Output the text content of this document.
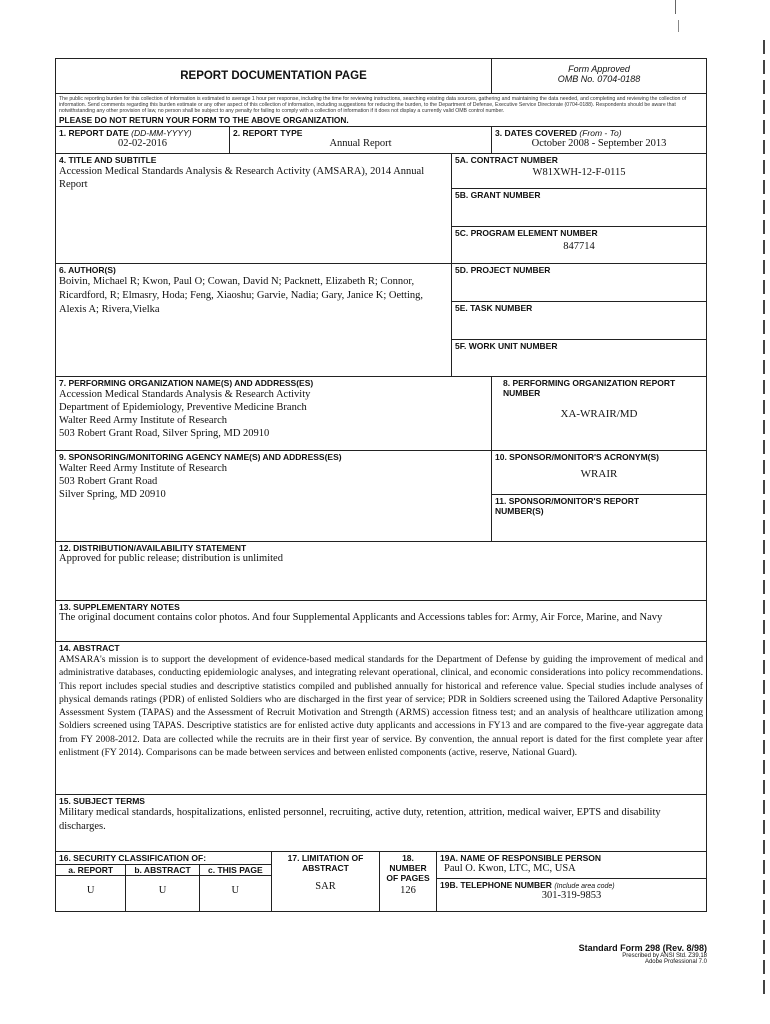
REPORT DOCUMENTATION PAGE
Form Approved
OMB No. 0704-0188
The public reporting burden for this collection of information is estimated to average 1 hour per response, including the time for reviewing instructions, searching existing data sources, gathering and maintaining the data needed, and completing and reviewing the collection of information. Send comments regarding this burden estimate or any other aspect of this collection of information, including suggestions for reducing the burden, to the Department of Defense, Executive Service Directorate (0704-0188). Respondents should be aware that notwithstanding any other provision of law, no person shall be subject to any penalty for failing to comply with a collection of information if it does not display a currently valid OMB control number.
PLEASE DO NOT RETURN YOUR FORM TO THE ABOVE ORGANIZATION.
1. REPORT DATE (DD-MM-YYYY)
02-02-2016
2. REPORT TYPE
Annual Report
3. DATES COVERED (From - To)
October 2008 - September 2013
4. TITLE AND SUBTITLE
Accession Medical Standards Analysis & Research Activity (AMSARA), 2014 Annual Report
5A. CONTRACT NUMBER
W81XWH-12-F-0115
5B. GRANT NUMBER
5C. PROGRAM ELEMENT NUMBER
847714
6. AUTHOR(S)
Boivin, Michael R; Kwon, Paul O; Cowan, David N; Packnett, Elizabeth R; Connor, Ricardford, R; Elmasry, Hoda; Feng, Xiaoshu; Garvie, Nadia; Gary, Janice K; Oetting, Alexis A; Rivera,Vielka
5D. PROJECT NUMBER
5E. TASK NUMBER
5F. WORK UNIT NUMBER
7. PERFORMING ORGANIZATION NAME(S) AND ADDRESS(ES)
Accession Medical Standards Analysis & Research Activity
Department of Epidemiology, Preventive Medicine Branch
Walter Reed Army Institute of Research
503 Robert Grant Road, Silver Spring, MD 20910
8. PERFORMING ORGANIZATION REPORT NUMBER
XA-WRAIR/MD
9. SPONSORING/MONITORING AGENCY NAME(S) AND ADDRESS(ES)
Walter Reed Army Institute of Research
503 Robert Grant Road
Silver Spring, MD 20910
10. SPONSOR/MONITOR'S ACRONYM(S)
WRAIR
11. SPONSOR/MONITOR'S REPORT NUMBER(S)
12. DISTRIBUTION/AVAILABILITY STATEMENT
Approved for public release; distribution is unlimited
13. SUPPLEMENTARY NOTES
The original document contains color photos. And four Supplemental Applicants and Accessions tables for: Army, Air Force, Marine, and Navy
14. ABSTRACT
AMSARA's mission is to support the development of evidence-based medical standards for the Department of Defense by guiding the improvement of medical and administrative databases, conducting epidemiologic analyses, and integrating relevant operational, clinical, and economic considerations into policy recommendations. This report includes special studies and descriptive statistics compiled and published annually for historical and reference value. Special studies include analyses of physical demands ratings (PDR) of enlisted Soldiers who are discharged in the first year of service; PDR in Soldiers screened using the Tailored Adaptive Personality Assessment System (TAPAS) and the Assessment of Recruit Motivation and Strength (ARMS) accession fitness test; and an analysis of healthcare utilization among Soldiers screened using TAPAS. Descriptive statistics are for enlisted active duty applicants and accessions in FY13 and are compared to the five-year aggregate data from FY 2008-2012. Data are collected while the recruits are in their first year of service. By convention, the annual report is dated for the first complete year after enlistment (FY 2014). Comparisons can be made between services and between enlisted components (active, reserve, National Guard).
15. SUBJECT TERMS
Military medical standards, hospitalizations, enlisted personnel, recruiting, active duty, retention, attrition, medical waiver, EPTS and disability discharges.
16. SECURITY CLASSIFICATION OF:
a. REPORT
U
b. ABSTRACT
U
c. THIS PAGE
U
17. LIMITATION OF ABSTRACT
SAR
18. NUMBER OF PAGES
126
19A. NAME OF RESPONSIBLE PERSON
Paul O. Kwon, LTC, MC, USA
19B. TELEPHONE NUMBER (Include area code)
301-319-9853
Standard Form 298 (Rev. 8/98)
Prescribed by ANSI Std. Z39.18
Adobe Professional 7.0
